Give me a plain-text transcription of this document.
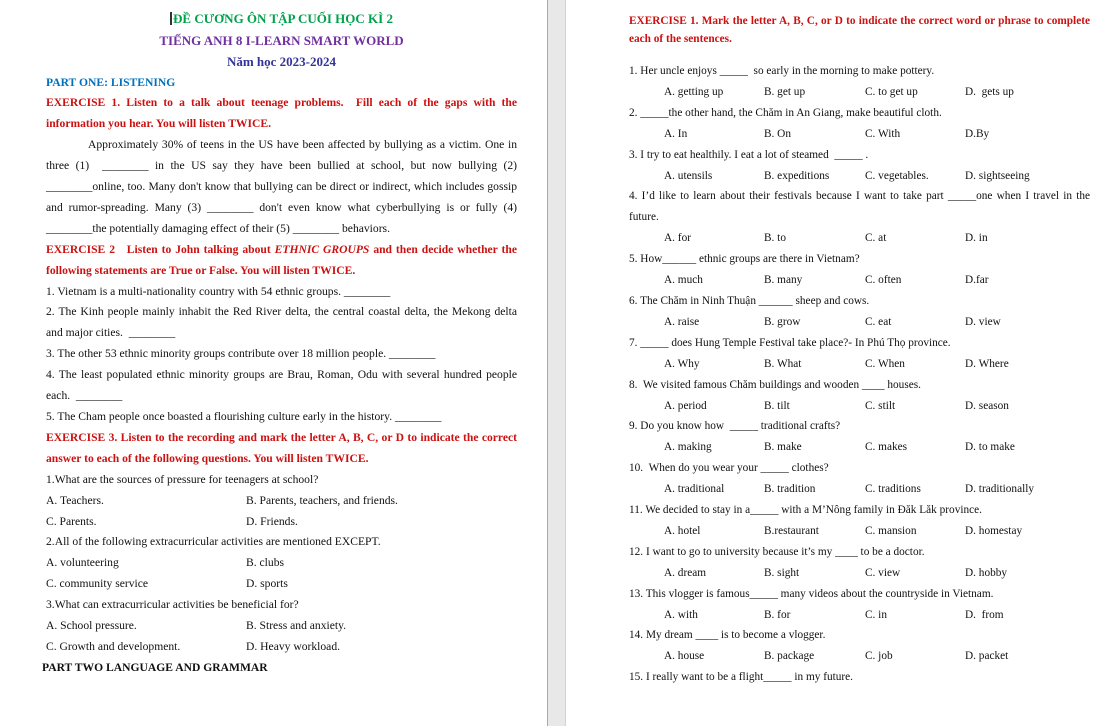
ĐỀ CƯƠNG ÔN TẬP CUỐI HỌC KÌ 2
TIẾNG ANH 8 I-LEARN SMART WORLD
Năm học 2023-2024
PART ONE: LISTENING
EXERCISE 1. Listen to a talk about teenage problems.  Fill each of the gaps with the information you hear. You will listen TWICE.
Approximately 30% of teens in the US have been affected by bullying as a victim. One in three (1)  ________ in the US say they have been bullied at school, but now bullying (2) ________online, too. Many don't know that bullying can be direct or indirect, which includes gossip and rumor-spreading. Many (3) ________ don't even know what cyberbullying is or fully (4) ________the potentially damaging effect of their (5) ________ behaviors.
EXERCISE 2   Listen to John talking about ETHNIC GROUPS and then decide whether the following statements are True or False. You will listen TWICE.
1. Vietnam is a multi-nationality country with 54 ethnic groups. ________
2. The Kinh people mainly inhabit the Red River delta, the central coastal delta, the Mekong delta and major cities.  ________
3. The other 53 ethnic minority groups contribute over 18 million people. ________
4. The least populated ethnic minority groups are Brau, Roman, Odu with several hundred people each.  ________
5. The Cham people once boasted a flourishing culture early in the history. ________
EXERCISE 3. Listen to the recording and mark the letter A, B, C, or D to indicate the correct answer to each of the following questions. You will listen TWICE.
1.What are the sources of pressure for teenagers at school?
A. Teachers.	B. Parents, teachers, and friends.
C. Parents.	D. Friends.
2.All of the following extracurricular activities are mentioned EXCEPT.
A. volunteering	B. clubs
C. community service	D. sports
3.What can extracurricular activities be beneficial for?
A. School pressure.	B. Stress and anxiety.
C. Growth and development.	D. Heavy workload.
PART TWO LANGUAGE AND GRAMMAR
EXERCISE 1. Mark the letter A, B, C, or D to indicate the correct word or phrase to complete each of the sentences.
1. Her uncle enjoys _____  so early in the morning to make pottery.
A. getting up	B. get up	C. to get up	D.  gets up
2. _____the other hand, the Chăm in An Giang, make beautiful cloth.
A. In	B. On	C. With	D.By
3. I try to eat healthily. I eat a lot of steamed  _____ .
A. utensils	B. expeditions	C. vegetables.	D. sightseeing
4. I’d like to learn about their festivals because I want to take part _____one when I travel in the future.
A. for	B. to	C. at	D. in
5. How______ ethnic groups are there in Vietnam?
A. much	B. many	C. often	D.far
6. The Chăm in Ninh Thuận ______ sheep and cows.
A. raise	B. grow	C. eat	D. view
7. _____ does Hung Temple Festival take place?- In Phú Thọ province.
A. Why	B. What	C. When	D. Where
8.  We visited famous Chăm buildings and wooden ____ houses.
A. period	B. tilt	C. stilt	D. season
9. Do you know how  _____ traditional crafts?
A. making	B. make	C. makes	D. to make
10.  When do you wear your _____ clothes?
A. traditional	B. tradition	C. traditions	D. traditionally
11. We decided to stay in a_____ with a M’Nông family in Đăk Lăk province.
A. hotel	B.restaurant	C. mansion	D. homestay
12. I want to go to university because it’s my ____ to be a doctor.
A. dream	B. sight	C. view	D. hobby
13. This vlogger is famous_____ many videos about the countryside in Vietnam.
A. with	B. for	C. in	D.  from
14. My dream ____ is to become a vlogger.
A. house	B. package	C. job	D. packet
15. I really want to be a flight_____ in my future.
